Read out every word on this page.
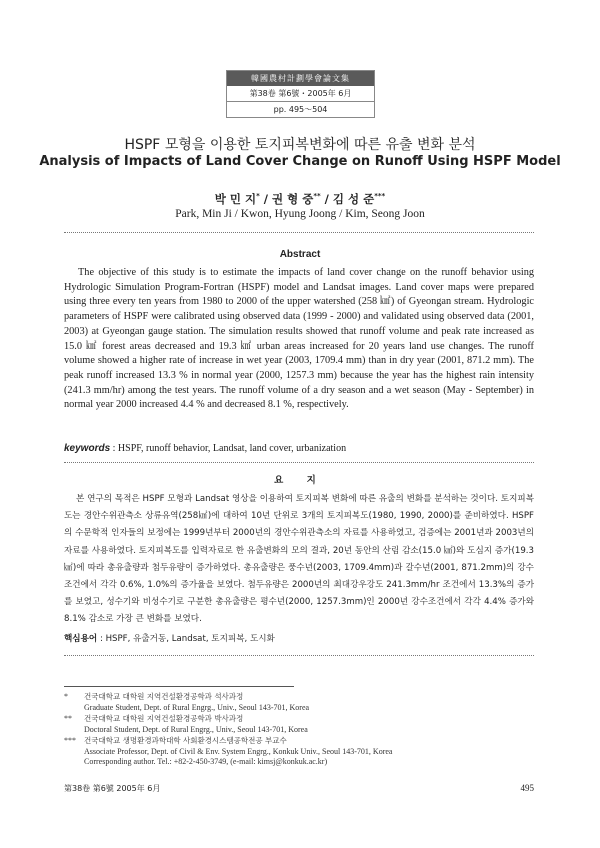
韓國農村計劃學會論文集
第38卷 第6號・2005年 6月
pp. 495～504
HSPF 모형을 이용한 토지피복변화에 따른 유출 변화 분석
Analysis of Impacts of Land Cover Change on Runoff Using HSPF Model
박 민 지* / 권 형 중** / 김 성 준***
Park, Min Ji / Kwon, Hyung Joong / Kim, Seong Joon
Abstract

The objective of this study is to estimate the impacts of land cover change on the runoff behavior using Hydrologic Simulation Program-Fortran (HSPF) model and Landsat images. Land cover maps were prepared using three every ten years from 1980 to 2000 of the upper watershed (258 ㎢) of Gyeongan stream. Hydrologic parameters of HSPF were calibrated using observed data (1999 - 2000) and validated using observed data (2001, 2003) at Gyeongan gauge station. The simulation results showed that runoff volume and peak rate increased as 15.0 ㎢ forest areas decreased and 19.3 ㎢ urban areas increased for 20 years land use changes. The runoff volume showed a higher rate of increase in wet year (2003, 1709.4 mm) than in dry year (2001, 871.2 mm). The peak runoff increased 13.3 % in normal year (2000, 1257.3 mm) because the year has the highest rain intensity (241.3 mm/hr) among the test years. The runoff volume of a dry season and a wet season (May - September) in normal year 2000 increased 4.4 % and decreased 8.1 %, respectively.

keywords : HSPF, runoff behavior, Landsat, land cover, urbanization
요 지

본 연구의 목적은 HSPF 모형과 Landsat 영상을 이용하여 토지피복 변화에 따른 유출의 변화를 분석하는 것이다. 토지피복도는 경안수위관측소 상류유역(258㎢)에 대하여 10년 단위로 3개의 토지피복도(1980, 1990, 2000)를 준비하였다. HSPF의 수문학적 인자들의 보정에는 1999년부터 2000년의 경안수위관측소의 자료를 사용하였고, 검증에는 2001년과 2003년의 자료를 사용하였다. 토지피복도를 입력자료로 한 유출변화의 모의 결과, 20년 동안의 산림 감소(15.0 ㎢)와 도심지 증가(19.3 ㎢)에 따라 총유출량과 첨두유량이 증가하였다. 총유출량은 풍수년(2003, 1709.4mm)과 갈수년(2001, 871.2mm)의 강수조건에서 각각 0.6%, 1.0%의 증가율을 보였다. 첨두유량은 2000년의 최대강우강도 241.3mm/hr 조건에서 13.3%의 증가를 보였고, 성수기와 비성수기로 구분한 총유출량은 평수년(2000, 1257.3mm)인 2000년 강수조건에서 각각 4.4% 증가와 8.1% 감소로 가장 큰 변화를 보였다.

핵심용어 : HSPF, 유출거동, Landsat, 토지피복, 도시화
*	건국대학교 대학원 지역건설환경공학과 석사과정
Graduate Student, Dept. of Rural Engrg., Univ., Seoul 143-701, Korea
**	건국대학교 대학원 지역건설환경공학과 박사과정
Doctoral Student, Dept. of Rural Engrg., Univ., Seoul 143-701, Korea
***	건국대학교 생명환경과학대학 사회환경시스템공학전공 부교수
Associate Professor, Dept. of Civil & Env. System Engrg., Konkuk Univ., Seoul 143-701, Korea
Corresponding author. Tel.: +82-2-450-3749, (e-mail: kimsj@konkuk.ac.kr)
第38卷 第6號 2005年 6月	495
